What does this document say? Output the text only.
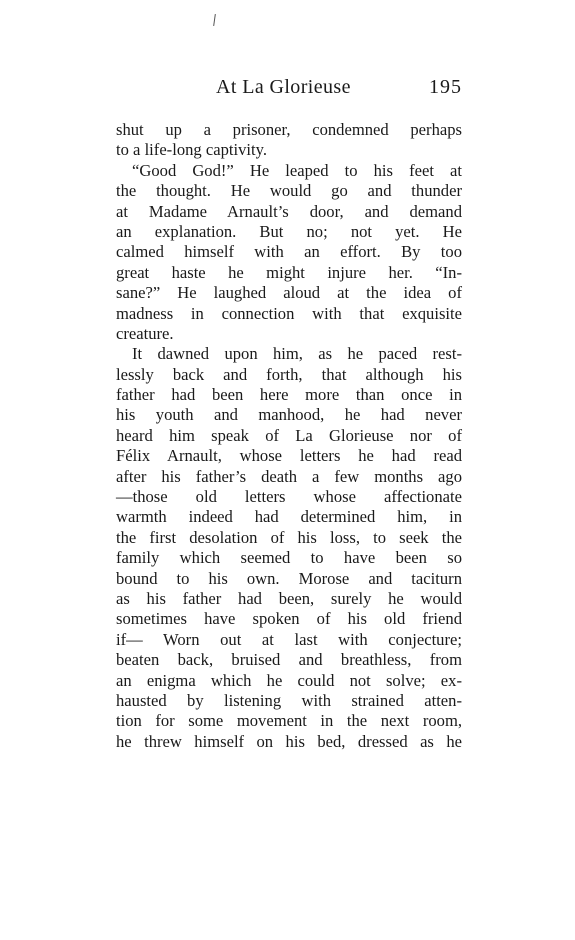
At La Glorieuse	195
shut up a prisoner, condemned perhaps
to a life-long captivity.
“Good God!” He leaped to his feet at
the thought. He would go and thunder
at Madame Arnault’s door, and demand
an explanation. But no; not yet. He
calmed himself with an effort. By too
great haste he might injure her. “In-
sane?” He laughed aloud at the idea of
madness in connection with that exquisite
creature.
It dawned upon him, as he paced rest-
lessly back and forth, that although his
father had been here more than once in
his youth and manhood, he had never
heard him speak of La Glorieuse nor of
Félix Arnault, whose letters he had read
after his father’s death a few months ago
—those old letters whose affectionate
warmth indeed had determined him, in
the first desolation of his loss, to seek the
family which seemed to have been so
bound to his own. Morose and taciturn
as his father had been, surely he would
sometimes have spoken of his old friend
if— Worn out at last with conjecture;
beaten back, bruised and breathless, from
an enigma which he could not solve; ex-
hausted by listening with strained atten-
tion for some movement in the next room,
he threw himself on his bed, dressed as he
